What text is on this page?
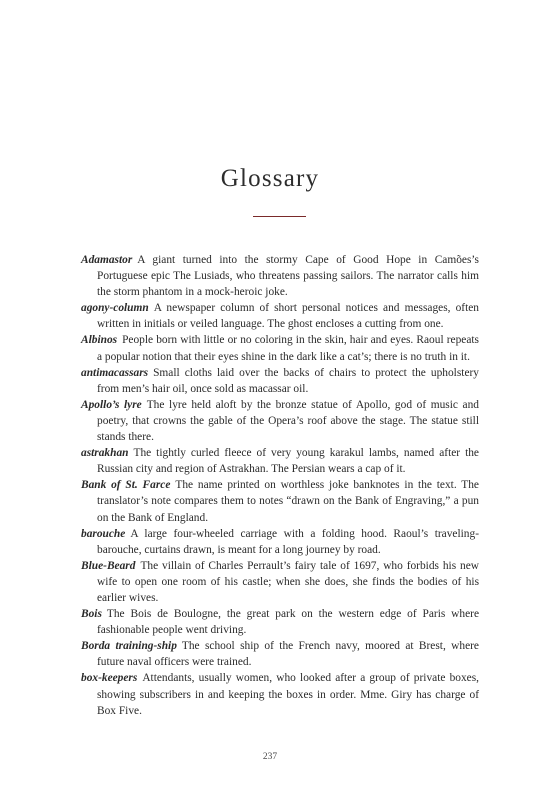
Glossary

Adamastor A giant turned into the stormy Cape of Good Hope in Camões’s Portuguese epic The Lusiads, who threatens passing sailors. The narrator calls him the storm phantom in a mock-heroic joke.

agony-column A newspaper column of short personal notices and messages, often written in initials or veiled language. The ghost encloses a cutting from one.

Albinos People born with little or no coloring in the skin, hair and eyes. Raoul repeats a popular notion that their eyes shine in the dark like a cat’s; there is no truth in it.

antimacassars Small cloths laid over the backs of chairs to protect the upholstery from men’s hair oil, once sold as macassar oil.

Apollo’s lyre The lyre held aloft by the bronze statue of Apollo, god of music and poetry, that crowns the gable of the Opera’s roof above the stage. The statue still stands there.

astrakhan The tightly curled fleece of very young karakul lambs, named after the Russian city and region of Astrakhan. The Persian wears a cap of it.

Bank of St. Farce The name printed on worthless joke banknotes in the text. The translator’s note compares them to notes “drawn on the Bank of Engraving,” a pun on the Bank of England.

barouche A large four-wheeled carriage with a folding hood. Raoul’s traveling-barouche, curtains drawn, is meant for a long journey by road.

Blue-Beard The villain of Charles Perrault’s fairy tale of 1697, who forbids his new wife to open one room of his castle; when she does, she finds the bodies of his earlier wives.

Bois The Bois de Boulogne, the great park on the western edge of Paris where fashionable people went driving.

Borda training-ship The school ship of the French navy, moored at Brest, where future naval officers were trained.

box-keepers Attendants, usually women, who looked after a group of private boxes, showing subscribers in and keeping the boxes in order. Mme. Giry has charge of Box Five.

237
